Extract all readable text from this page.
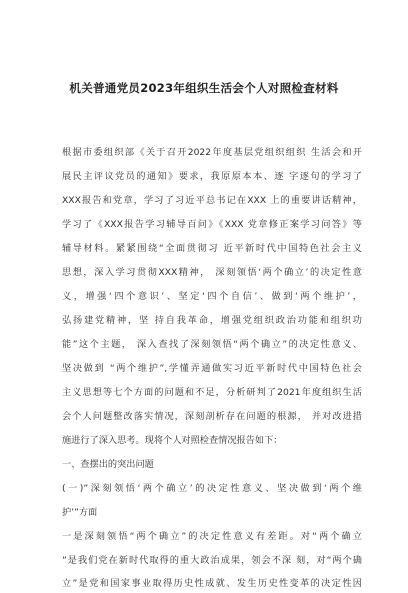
机关普通党员2023年组织生活会个人对照检查材料
根据市委组织部《关于召开2022年度基层党组织组织 生活会和开
展民主评议党员的通知》要求，我原原本本、逐 字逐句的学习了
XXX报告和党章，学习了习近平总书记在XXX 上的重要讲话精神，
学习了《XXX报告学习辅导百问》《XXX 党章修正案学习问答》等
辅导材料。紧紧围绕“全面贯彻习 近平新时代中国特色社会主义
思想，深入学习贯彻XXX精神， 深刻领悟‘两个确立’的决定性意
义，增强‘四个意识’、坚定‘四个自信’、做到‘两个维护’，
弘扬建党精神，坚 持自我革命，增强党组织政治功能和组织功
能”这个主题， 深入查找了深刻领悟“两个确立”的决定性意义、
坚决做到 “两个维护”,学懂弄通做实习近平新时代中国特色社会
主义思想等七个方面的问题和不足，分析研判了2021年度组织生活
会个人问题整改落实情况，深刻剖析存在问题的根源， 并对改进措
施进行了深入思考。现将个人对照检查情况报告如下：
一、查摆出的突出问题
(一)”深刻领悟‘两个确立’的决定性意义、坚决做到‘两个维
护’”方面
一是深刻领悟“两个确立”的决定性意义有差距。对“两个确立
”是我们党在新时代取得的重大政治成果，领会不深 刻，对“两个确
立”是党和国家事业取得历史性成就、发生历史性变革的决定性因
